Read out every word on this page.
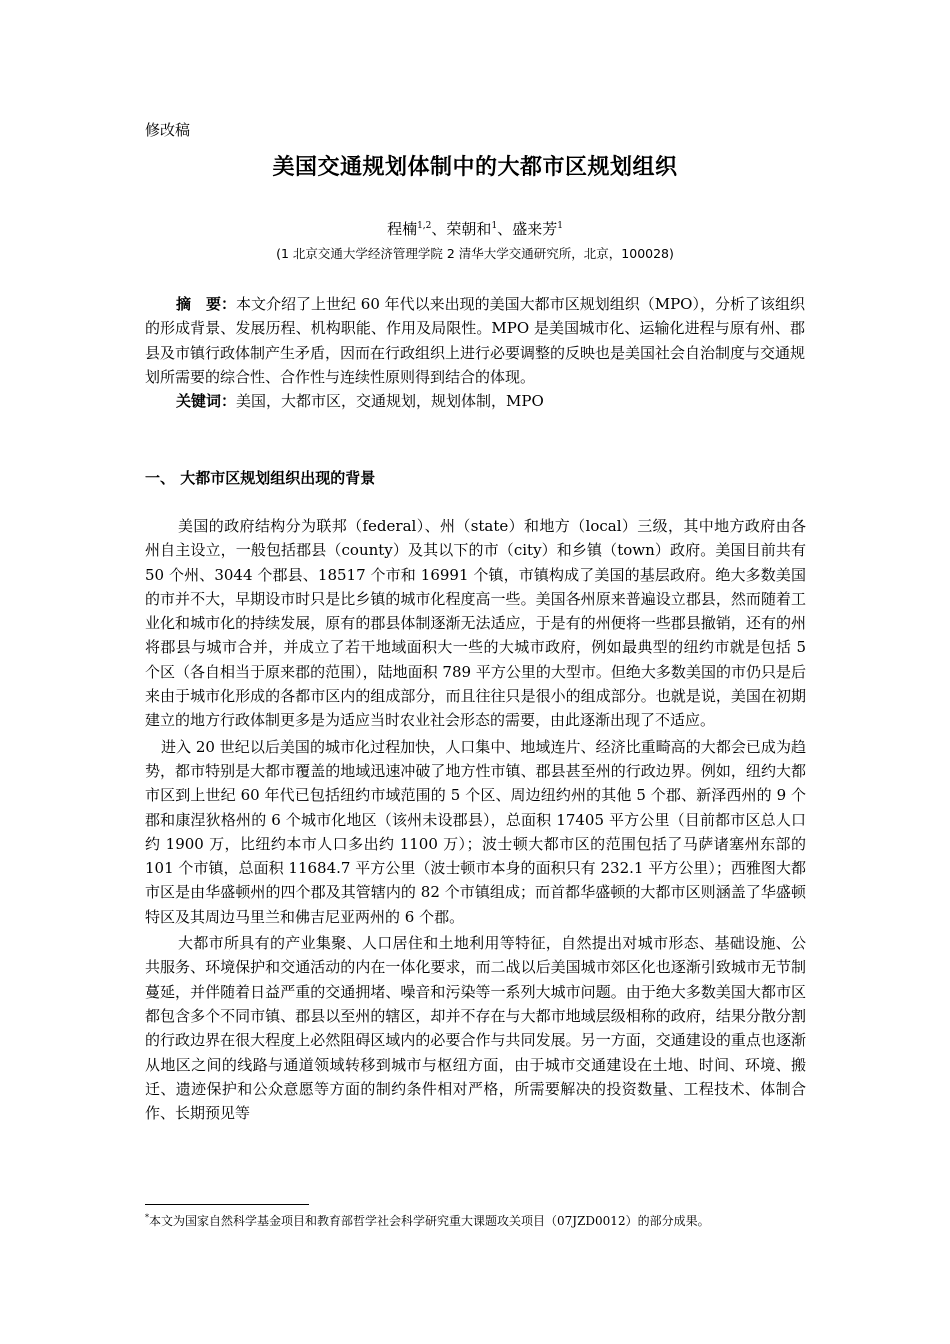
修改稿
美国交通规划体制中的大都市区规划组织
程楠$^{1,2}$、荣朝和$^1$、盛来芳$^1$
(1 北京交通大学经济管理学院 2 清华大学交通研究所，北京，100028)
摘　要：本文介绍了上世纪 60 年代以来出现的美国大都市区规划组织（MPO），分析了该组织的形成背景、发展历程、机构职能、作用及局限性。MPO 是美国城市化、运输化进程与原有州、郡县及市镇行政体制产生矛盾，因而在行政组织上进行必要调整的反映也是美国社会自治制度与交通规划所需要的综合性、合作性与连续性原则得到结合的体现。
关键词：美国，大都市区，交通规划，规划体制，MPO
一、 大都市区规划组织出现的背景

美国的政府结构分为联邦（federal）、州（state）和地方（local）三级，其中地方政府由各州自主设立，一般包括郡县（county）及其以下的市（city）和乡镇（town）政府。美国目前共有 50 个州、3044 个郡县、18517 个市和 16991 个镇，市镇构成了美国的基层政府。绝大多数美国的市并不大，早期设市时只是比乡镇的城市化程度高一些。美国各州原来普遍设立郡县，然而随着工业化和城市化的持续发展，原有的郡县体制逐渐无法适应，于是有的州便将一些郡县撤销，还有的州将郡县与城市合并，并成立了若干地域面积大一些的大城市政府，例如最典型的纽约市就是包括 5 个区（各自相当于原来郡的范围），陆地面积 789 平方公里的大型市。但绝大多数美国的市仍只是后来由于城市化形成的各都市区内的组成部分，而且往往只是很小的组成部分。也就是说，美国在初期建立的地方行政体制更多是为适应当时农业社会形态的需要，由此逐渐出现了不适应。

进入 20 世纪以后美国的城市化过程加快，人口集中、地域连片、经济比重畸高的大都会已成为趋势，都市特别是大都市覆盖的地域迅速冲破了地方性市镇、郡县甚至州的行政边界。例如，纽约大都市区到上世纪 60 年代已包括纽约市域范围的 5 个区、周边纽约州的其他 5 个郡、新泽西州的 9 个郡和康涅狄格州的 6 个城市化地区（该州未设郡县），总面积 17405 平方公里（目前都市区总人口约 1900 万，比纽约本市人口多出约 1100 万）；波士顿大都市区的范围包括了马萨诸塞州东部的 101 个市镇，总面积 11684.7 平方公里（波士顿市本身的面积只有 232.1 平方公里）；西雅图大都市区是由华盛顿州的四个郡及其管辖内的 82 个市镇组成；而首都华盛顿的大都市区则涵盖了华盛顿特区及其周边马里兰和佛吉尼亚两州的 6 个郡。

大都市所具有的产业集聚、人口居住和土地利用等特征，自然提出对城市形态、基础设施、公共服务、环境保护和交通活动的内在一体化要求，而二战以后美国城市郊区化也逐渐引致城市无节制蔓延，并伴随着日益严重的交通拥堵、噪音和污染等一系列大城市问题。由于绝大多数美国大都市区都包含多个不同市镇、郡县以至州的辖区，却并不存在与大都市地域层级相称的政府，结果分散分割的行政边界在很大程度上必然阻碍区域内的必要合作与共同发展。另一方面，交通建设的重点也逐渐从地区之间的线路与通道领域转移到城市与枢纽方面，由于城市交通建设在土地、时间、环境、搬迁、遗迹保护和公众意愿等方面的制约条件相对严格，所需要解决的投资数量、工程技术、体制合作、长期预见等

*本文为国家自然科学基金项目和教育部哲学社会科学研究重大课题攻关项目（07JZD0012）的部分成果。
